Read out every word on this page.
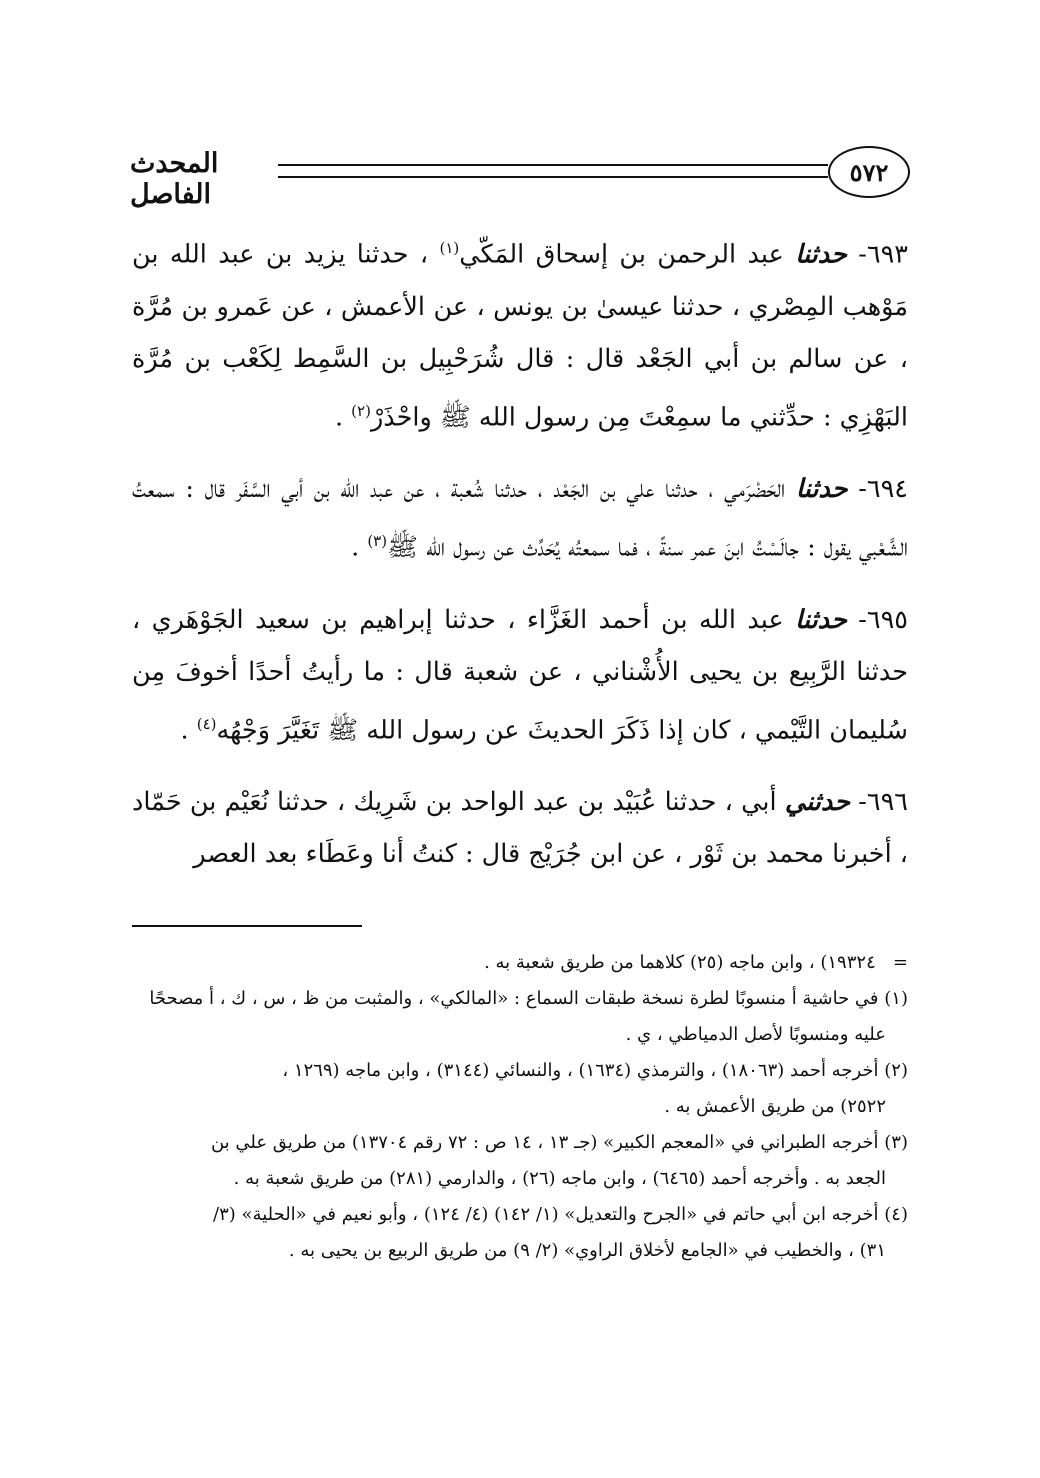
٥٧٢
المحدث الفاصل

٦٩٣- حدثنا عبد الرحمن بن إسحاق المَكّي$^{(١)}$ ، حدثنا يزيد بن عبد الله بن مَوْهب المِصْري ، حدثنا عيسىٰ بن يونس ، عن الأعمش ، عن عَمرو بن مُرَّة ، عن سالم بن أبي الجَعْد قال : قال شُرَحْبِيل بن السَّمِط لِكَعْب بن مُرَّة البَهْزِي : حدِّثني ما سمِعْتَ مِن رسول الله ﷺ واحْذَرْ$^{(٢)}$ .

٦٩٤- حدثنا الحَضْرَمي ، حدثنا علي بن الجَعْد ، حدثنا شُعبة ، عن عبد الله بن أبي السَّفَر قال : سمعتُ الشَّعْبي يقول : جالَسْتُ ابنَ عمر سنةً ، فما سمعتُه يُحَدِّث عن رسول الله ﷺ$^{(٣)}$ .

٦٩٥- حدثنا عبد الله بن أحمد الغَزَّاء ، حدثنا إبراهيم بن سعيد الجَوْهَري ، حدثنا الرَّبِيع بن يحيى الأُشْناني ، عن شعبة قال : ما رأيتُ أحدًا أخوفَ مِن سُليمان التَّيْمي ، كان إذا ذَكَرَ الحديثَ عن رسول الله ﷺ تَغَيَّرَ وَجْهُه$^{(٤)}$ .

٦٩٦- حدثني أبي ، حدثنا عُبَيْد بن عبد الواحد بن شَرِيك ، حدثنا نُعَيْم بن حَمّاد ، أخبرنا محمد بن ثَوْر ، عن ابن جُرَيْج قال : كنتُ أنا وعَطَاء بعد العصر

=   ١٩٣٢٤) ، وابن ماجه (٢٥) كلاهما من طريق شعبة به .

(١) في حاشية أ منسوبًا لطرة نسخة طبقات السماع : «المالكي» ، والمثبت من ظ ، س ، ك ، أ مصححًا
عليه ومنسوبًا لأصل الدمياطي ، ي .

(٢) أخرجه أحمد (١٨٠٦٣) ، والترمذي (١٦٣٤) ، والنسائي (٣١٤٤) ، وابن ماجه (١٢٦٩ ،
٢٥٢٢) من طريق الأعمش به .

(٣) أخرجه الطبراني في «المعجم الكبير» (جـ ١٣ ، ١٤ ص : ٧٢ رقم ١٣٧٠٤) من طريق علي بن
الجعد به . وأخرجه أحمد (٦٤٦٥) ، وابن ماجه (٢٦) ، والدارمي (٢٨١) من طريق شعبة به .

(٤) أخرجه ابن أبي حاتم في «الجرح والتعديل» (١/ ١٤٢) (٤/ ١٢٤) ، وأبو نعيم في «الحلية» (٣/
٣١) ، والخطيب في «الجامع لأخلاق الراوي» (٢/ ٩) من طريق الربيع بن يحيى به .
